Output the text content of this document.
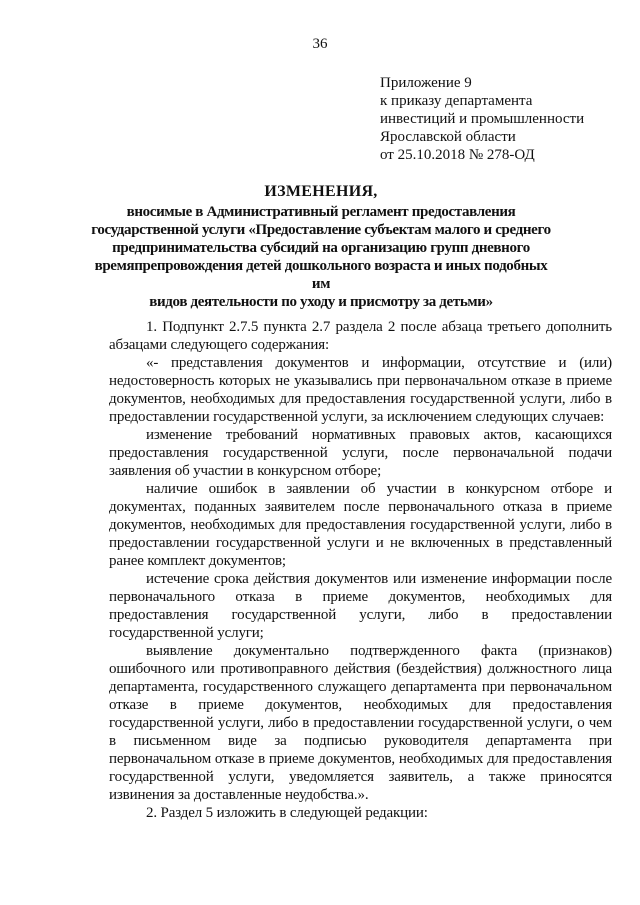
36
Приложение 9
к приказу департамента
инвестиций и промышленности
Ярославской области
от 25.10.2018 № 278-ОД
ИЗМЕНЕНИЯ,
вносимые в Административный регламент предоставления
государственной услуги «Предоставление субъектам малого и среднего
предпринимательства субсидий на организацию групп дневного
времяпрепровождения детей дошкольного возраста и иных подобных им
видов деятельности по уходу и присмотру за детьми»

1. Подпункт 2.7.5 пункта 2.7 раздела 2 после абзаца третьего дополнить абзацами следующего содержания:

«- представления документов и информации, отсутствие и (или) недостоверность которых не указывались при первоначальном отказе в приеме документов, необходимых для предоставления государственной услуги, либо в предоставлении государственной услуги, за исключением следующих случаев:

изменение требований нормативных правовых актов, касающихся предоставления государственной услуги, после первоначальной подачи заявления об участии в конкурсном отборе;

наличие ошибок в заявлении об участии в конкурсном отборе и документах, поданных заявителем после первоначального отказа в приеме документов, необходимых для предоставления государственной услуги, либо в предоставлении государственной услуги и не включенных в представленный ранее комплект документов;

истечение срока действия документов или изменение информации после первоначального отказа в приеме документов, необходимых для предоставления государственной услуги, либо в предоставлении государственной услуги;

выявление документально подтвержденного факта (признаков) ошибочного или противоправного действия (бездействия) должностного лица департамента, государственного служащего департамента при первоначальном отказе в приеме документов, необходимых для предоставления государственной услуги, либо в предоставлении государственной услуги, о чем в письменном виде за подписью руководителя департамента при первоначальном отказе в приеме документов, необходимых для предоставления государственной услуги, уведомляется заявитель, а также приносятся извинения за доставленные неудобства.».

2. Раздел 5 изложить в следующей редакции:
